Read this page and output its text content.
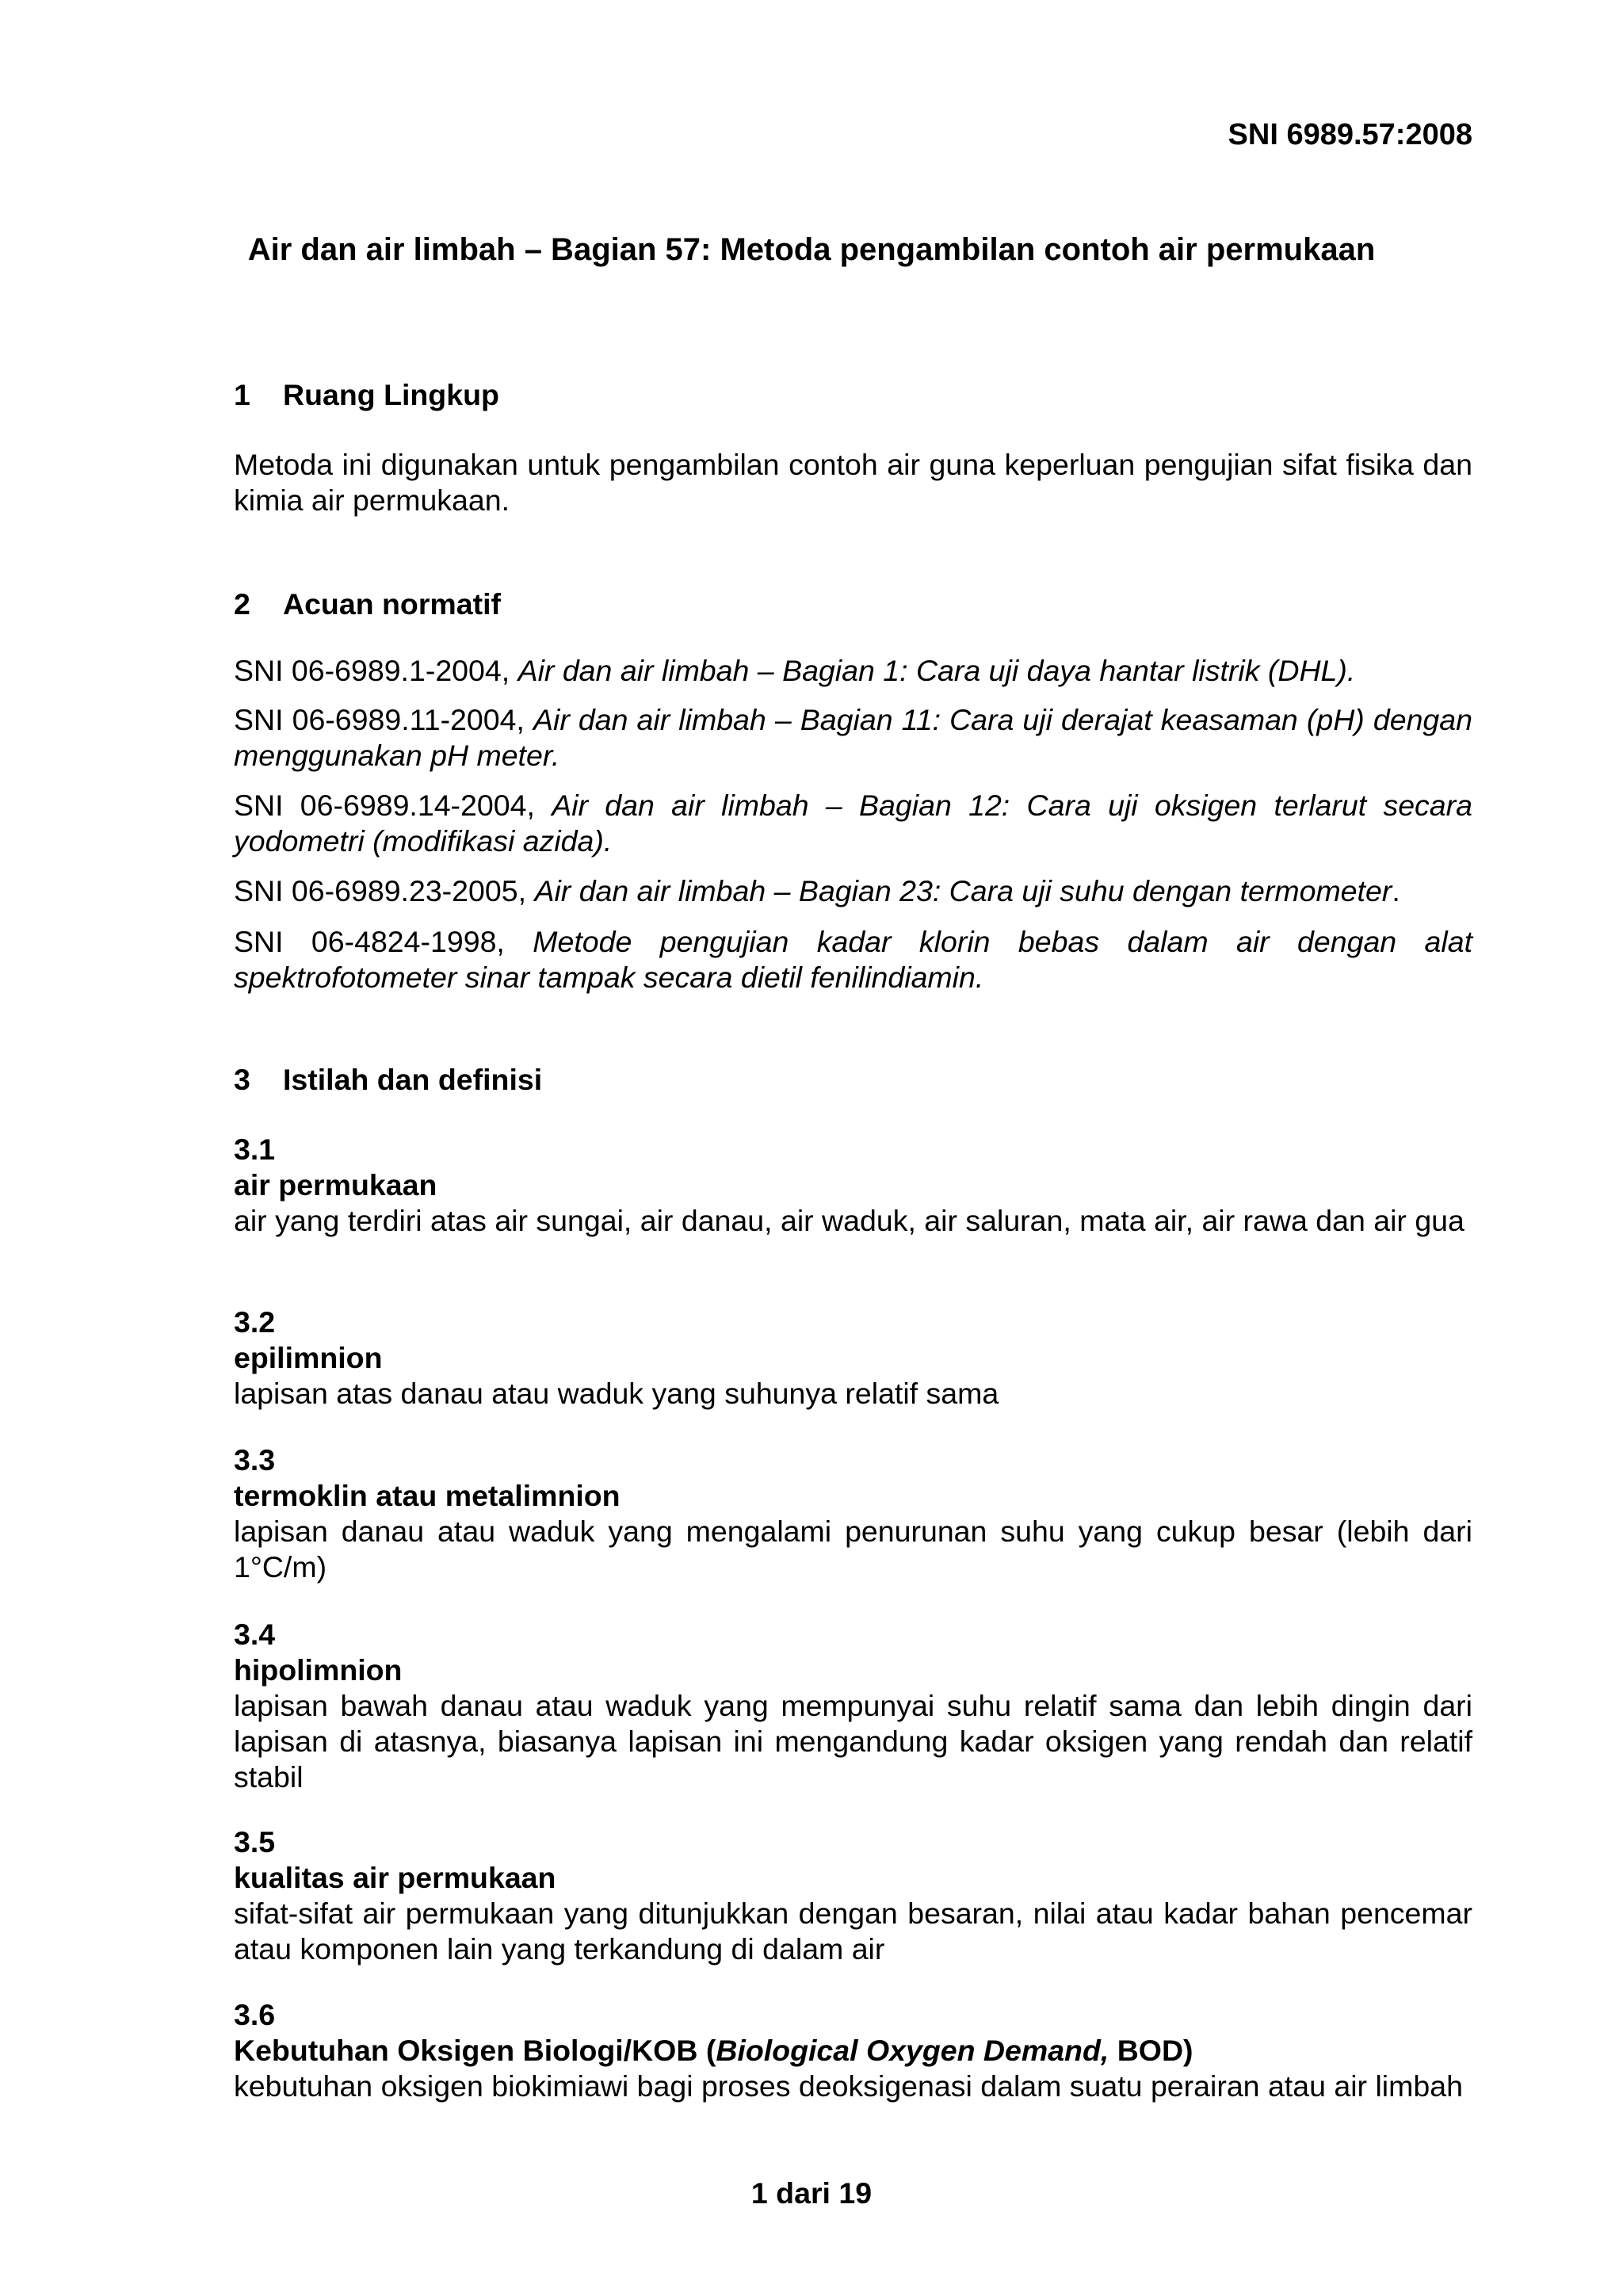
SNI 6989.57:2008
Air dan air limbah – Bagian 57: Metoda pengambilan contoh air permukaan
1 Ruang Lingkup
Metoda ini digunakan untuk pengambilan contoh air guna keperluan pengujian sifat fisika dan kimia air permukaan.
2 Acuan normatif
SNI 06-6989.1-2004, Air dan air limbah – Bagian 1: Cara uji daya hantar listrik (DHL).
SNI 06-6989.11-2004, Air dan air limbah – Bagian 11: Cara uji derajat keasaman (pH) dengan menggunakan pH meter.
SNI 06-6989.14-2004, Air dan air limbah – Bagian 12: Cara uji oksigen terlarut secara yodometri (modifikasi azida).
SNI 06-6989.23-2005, Air dan air limbah – Bagian 23: Cara uji suhu dengan termometer.
SNI 06-4824-1998, Metode pengujian kadar klorin bebas dalam air dengan alat spektrofotometer sinar tampak secara dietil fenilindiamin.
3 Istilah dan definisi
3.1
air permukaan
air yang terdiri atas air sungai, air danau, air waduk, air saluran, mata air, air rawa dan air gua
3.2
epilimnion
lapisan atas danau atau waduk yang suhunya relatif sama
3.3
termoklin atau metalimnion
lapisan danau atau waduk yang mengalami penurunan suhu yang cukup besar (lebih dari 1°C/m)
3.4
hipolimnion
lapisan bawah danau atau waduk yang mempunyai suhu relatif sama dan lebih dingin dari lapisan di atasnya, biasanya lapisan ini mengandung kadar oksigen yang rendah dan relatif stabil
3.5
kualitas air permukaan
sifat-sifat air permukaan yang ditunjukkan dengan besaran, nilai atau kadar bahan pencemar atau komponen lain yang terkandung di dalam air
3.6
Kebutuhan Oksigen Biologi/KOB (Biological Oxygen Demand, BOD)
kebutuhan oksigen biokimiawi bagi proses deoksigenasi dalam suatu perairan atau air limbah
1 dari 19
